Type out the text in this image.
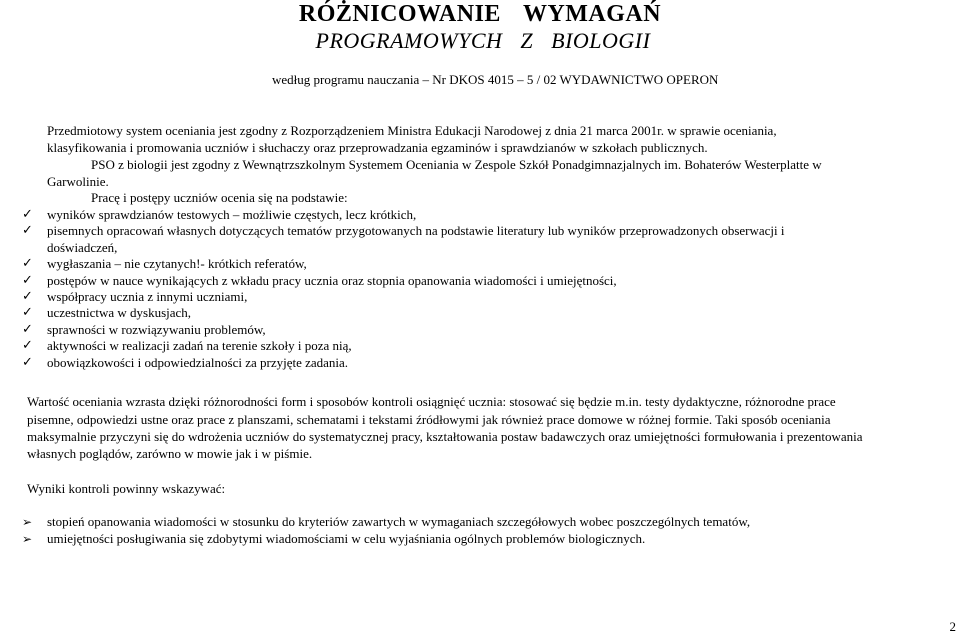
RÓŻNICOWANIE WYMAGAŃ
PROGRAMOWYCH Z BIOLOGII
według programu nauczania – Nr DKOS 4015 – 5 / 02 WYDAWNICTWO OPERON
Przedmiotowy system oceniania jest zgodny z Rozporządzeniem Ministra Edukacji Narodowej z dnia 21 marca 2001r. w sprawie oceniania,
klasyfikowania i promowania uczniów i słuchaczy oraz przeprowadzania egzaminów i sprawdzianów w szkołach publicznych.
PSO z biologii jest zgodny z Wewnątrzszkolnym Systemem Oceniania w Zespole Szkół Ponadgimnazjalnych im. Bohaterów Westerplatte w
Garwolinie.
Pracę i postępy uczniów ocenia się na podstawie:
✓	wyników sprawdzianów testowych – możliwie częstych, lecz krótkich,
✓	pisemnych opracowań własnych dotyczących tematów przygotowanych na podstawie literatury lub wyników przeprowadzonych obserwacji i
doświadczeń,
✓	wygłaszania – nie czytanych!- krótkich referatów,
✓	postępów w nauce wynikających z wkładu pracy ucznia oraz stopnia opanowania wiadomości i umiejętności,
✓	współpracy ucznia z innymi uczniami,
✓	uczestnictwa w dyskusjach,
✓	sprawności w rozwiązywaniu problemów,
✓	aktywności w realizacji zadań na terenie szkoły i poza nią,
✓	obowiązkowości i odpowiedzialności za przyjęte zadania.
Wartość oceniania wzrasta dzięki różnorodności form i sposobów kontroli osiągnięć ucznia: stosować się będzie m.in. testy dydaktyczne, różnorodne prace
pisemne, odpowiedzi ustne oraz prace z planszami, schematami i tekstami źródłowymi jak również prace domowe w różnej formie. Taki sposób oceniania
maksymalnie przyczyni się do wdrożenia uczniów do systematycznej pracy, kształtowania postaw badawczych oraz umiejętności formułowania i prezentowania
własnych poglądów, zarówno w mowie jak i w piśmie.
Wyniki kontroli powinny wskazywać:
➢ stopień opanowania wiadomości w stosunku do kryteriów zawartych w wymaganiach szczegółowych wobec poszczególnych tematów,
➢ umiejętności posługiwania się zdobytymi wiadomościami w celu wyjaśniania ogólnych problemów biologicznych.
2
